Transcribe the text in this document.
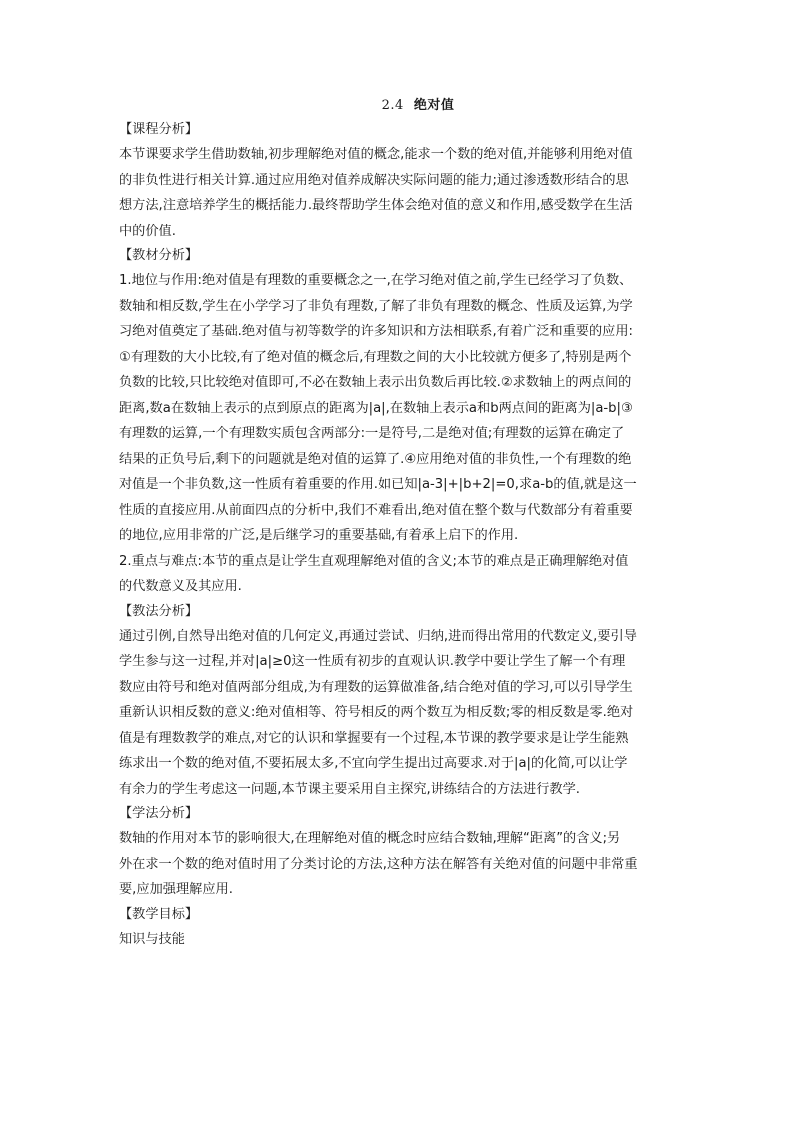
2.4 绝对值
【课程分析】

本节课要求学生借助数轴,初步理解绝对值的概念,能求一个数的绝对值,并能够利用绝对值

的非负性进行相关计算.通过应用绝对值养成解决实际问题的能力;通过渗透数形结合的思

想方法,注意培养学生的概括能力.最终帮助学生体会绝对值的意义和作用,感受数学在生活

中的价值.

【教材分析】

1.地位与作用:绝对值是有理数的重要概念之一,在学习绝对值之前,学生已经学习了负数、

数轴和相反数,学生在小学学习了非负有理数,了解了非负有理数的概念、性质及运算,为学

习绝对值奠定了基础.绝对值与初等数学的许多知识和方法相联系,有着广泛和重要的应用:

①有理数的大小比较,有了绝对值的概念后,有理数之间的大小比较就方便多了,特别是两个

负数的比较,只比较绝对值即可,不必在数轴上表示出负数后再比较.②求数轴上的两点间的

距离,数a在数轴上表示的点到原点的距离为|a|,在数轴上表示a和b两点间的距离为|a-b|③

有理数的运算,一个有理数实质包含两部分:一是符号,二是绝对值;有理数的运算在确定了

结果的正负号后,剩下的问题就是绝对值的运算了.④应用绝对值的非负性,一个有理数的绝

对值是一个非负数,这一性质有着重要的作用.如已知|a-3|+|b+2|=0,求a-b的值,就是这一

性质的直接应用.从前面四点的分析中,我们不难看出,绝对值在整个数与代数部分有着重要

的地位,应用非常的广泛,是后继学习的重要基础,有着承上启下的作用.

2.重点与难点:本节的重点是让学生直观理解绝对值的含义;本节的难点是正确理解绝对值

的代数意义及其应用.

【教法分析】

通过引例,自然导出绝对值的几何定义,再通过尝试、归纳,进而得出常用的代数定义,要引导

学生参与这一过程,并对|a|≥0这一性质有初步的直观认识.教学中要让学生了解一个有理

数应由符号和绝对值两部分组成,为有理数的运算做准备,结合绝对值的学习,可以引导学生

重新认识相反数的意义:绝对值相等、符号相反的两个数互为相反数;零的相反数是零.绝对

值是有理数教学的难点,对它的认识和掌握要有一个过程,本节课的教学要求是让学生能熟

练求出一个数的绝对值,不要拓展太多,不宜向学生提出过高要求.对于|a|的化简,可以让学

有余力的学生考虑这一问题,本节课主要采用自主探究,讲练结合的方法进行教学.

【学法分析】

数轴的作用对本节的影响很大,在理解绝对值的概念时应结合数轴,理解“距离”的含义;另

外在求一个数的绝对值时用了分类讨论的方法,这种方法在解答有关绝对值的问题中非常重

要,应加强理解应用.

【教学目标】

知识与技能
